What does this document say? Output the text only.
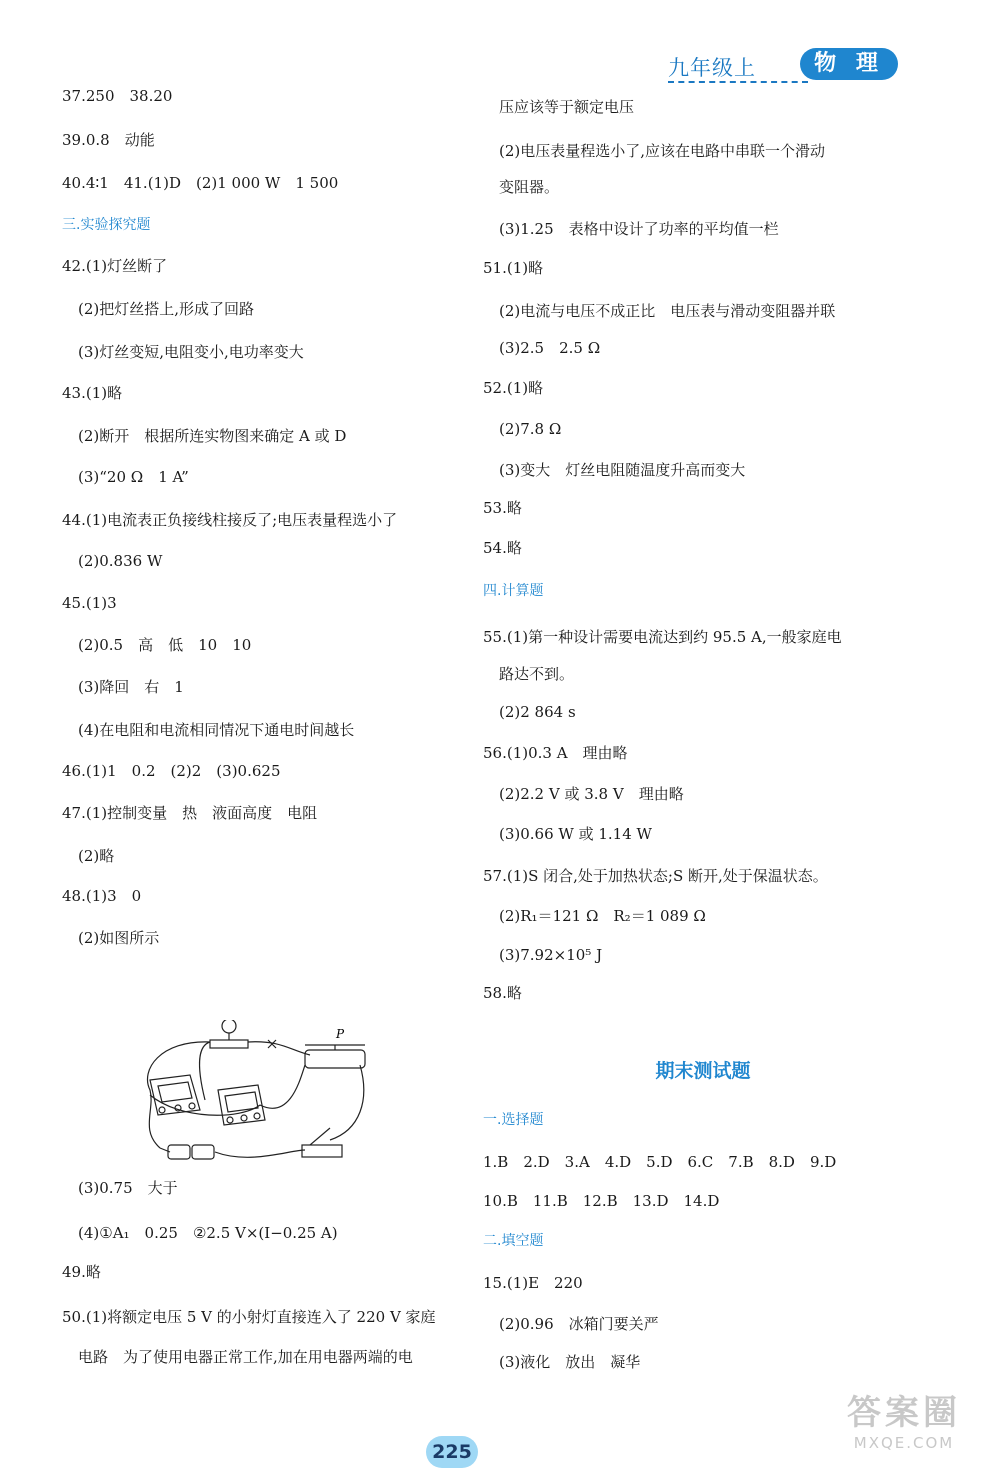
九年级上	物 理
37.250　38.20
39.0.8　动能
40.4∶1　41.(1)D　(2)1 000 W　1 500
三.实验探究题
42.(1)灯丝断了
(2)把灯丝搭上,形成了回路
(3)灯丝变短,电阻变小,电功率变大
43.(1)略
(2)断开　根据所连实物图来确定 A 或 D
(3)“20 Ω　1 A”
44.(1)电流表正负接线柱接反了;电压表量程选小了
(2)0.836 W
45.(1)3
(2)0.5　高　低　10　10
(3)降回　右　1
(4)在电阻和电流相同情况下通电时间越长
46.(1)1　0.2　(2)2　(3)0.625
47.(1)控制变量　热　液面高度　电阻
(2)略
48.(1)3　0
(2)如图所示
(3)0.75　大于
(4)①A₁　0.25　②2.5 V×(I−0.25 A)
49.略
50.(1)将额定电压 5 V 的小射灯直接连入了 220 V 家庭
电路　为了使用电器正常工作,加在用电器两端的电
期末测试题
压应该等于额定电压
(2)电压表量程选小了,应该在电路中串联一个滑动
变阻器。
(3)1.25　表格中设计了功率的平均值一栏
51.(1)略
(2)电流与电压不成正比　电压表与滑动变阻器并联
(3)2.5　2.5 Ω
52.(1)略
(2)7.8 Ω
(3)变大　灯丝电阻随温度升高而变大
53.略
54.略
四.计算题
55.(1)第一种设计需要电流达到约 95.5 A,一般家庭电
路达不到。
(2)2 864 s
56.(1)0.3 A　理由略
(2)2.2 V 或 3.8 V　理由略
(3)0.66 W 或 1.14 W
57.(1)S 闭合,处于加热状态;S 断开,处于保温状态。
(2)R₁＝121 Ω　R₂＝1 089 Ω
(3)7.92×10⁵ J
58.略
一.选择题
1.B　2.D　3.A　4.D　5.D　6.C　7.B　8.D　9.D
10.B　11.B　12.B　13.D　14.D
二.填空题
15.(1)E　220
(2)0.96　冰箱门要关严
(3)液化　放出　凝华
P
225
答案圈
MXQE.COM
